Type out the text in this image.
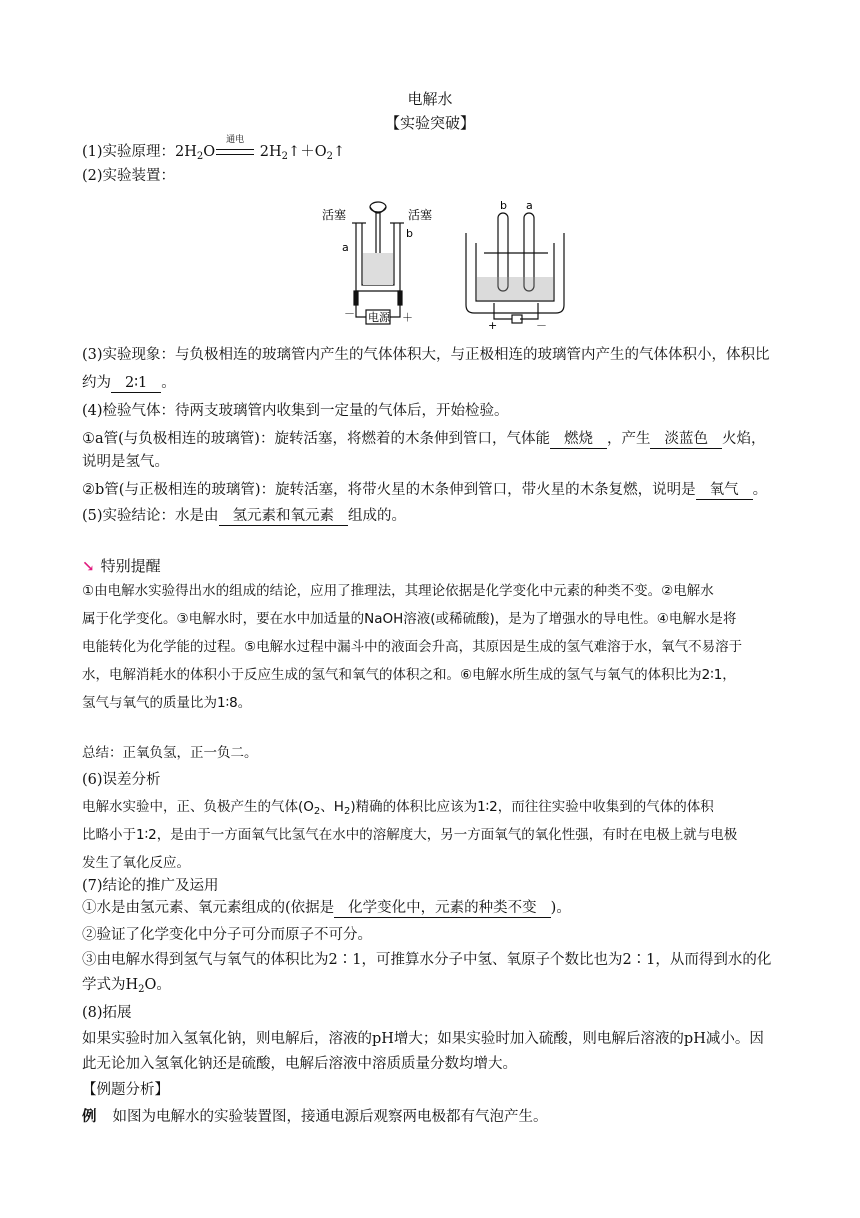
电解水
【实验突破】
(1)实验原理：$2H_2O$
通电
$2H_2↑+O_2↑$
(2)实验装置：
活塞	活塞
a
b
电源
－	＋
b a
+	－
(3)实验现象：与负极相连的玻璃管内产生的气体体积大，与正极相连的玻璃管内产生的气体体积小，体积比
约为 2∶1 。
(4)检验气体：待两支玻璃管内收集到一定量的气体后，开始检验。
①a管(与负极相连的玻璃管)：旋转活塞，将燃着的木条伸到管口，气体能 燃烧 ，产生 淡蓝色 火焰，
说明是氢气。
②b管(与正极相连的玻璃管)：旋转活塞，将带火星的木条伸到管口，带火星的木条复燃，说明是 氧气 。
(5)实验结论：水是由 氢元素和氧元素 组成的。
↘ 特别提醒
①由电解水实验得出水的组成的结论，应用了推理法，其理论依据是化学变化中元素的种类不变。②电解水
属于化学变化。③电解水时，要在水中加适量的NaOH溶液(或稀硫酸)，是为了增强水的导电性。④电解水是将
电能转化为化学能的过程。⑤电解水过程中漏斗中的液面会升高，其原因是生成的氢气难溶于水，氧气不易溶于
水，电解消耗水的体积小于反应生成的氢气和氧气的体积之和。⑥电解水所生成的氢气与氧气的体积比为2∶1，
氢气与氧气的质量比为1∶8。
总结：正氧负氢，正一负二。
(6)误差分析
电解水实验中，正、负极产生的气体($O_2$、$H_2$)精确的体积比应该为1∶2，而往往实验中收集到的气体的体积
比略小于1∶2，是由于一方面氧气比氢气在水中的溶解度大，另一方面氧气的氧化性强，有时在电极上就与电极
发生了氧化反应。
(7)结论的推广及运用
①水是由氢元素、氧元素组成的(依据是 化学变化中，元素的种类不变 )。
②验证了化学变化中分子可分而原子不可分。
③由电解水得到氢气与氧气的体积比为2∶1，可推算水分子中氢、氧原子个数比也为2∶1，从而得到水的化
学式为$H_2O$。
(8)拓展
如果实验时加入氢氧化钠，则电解后，溶液的pH增大；如果实验时加入硫酸，则电解后溶液的pH减小。因
此无论加入氢氧化钠还是硫酸，电解后溶液中溶质质量分数均增大。
【例题分析】
例 如图为电解水的实验装置图，接通电源后观察两电极都有气泡产生。
